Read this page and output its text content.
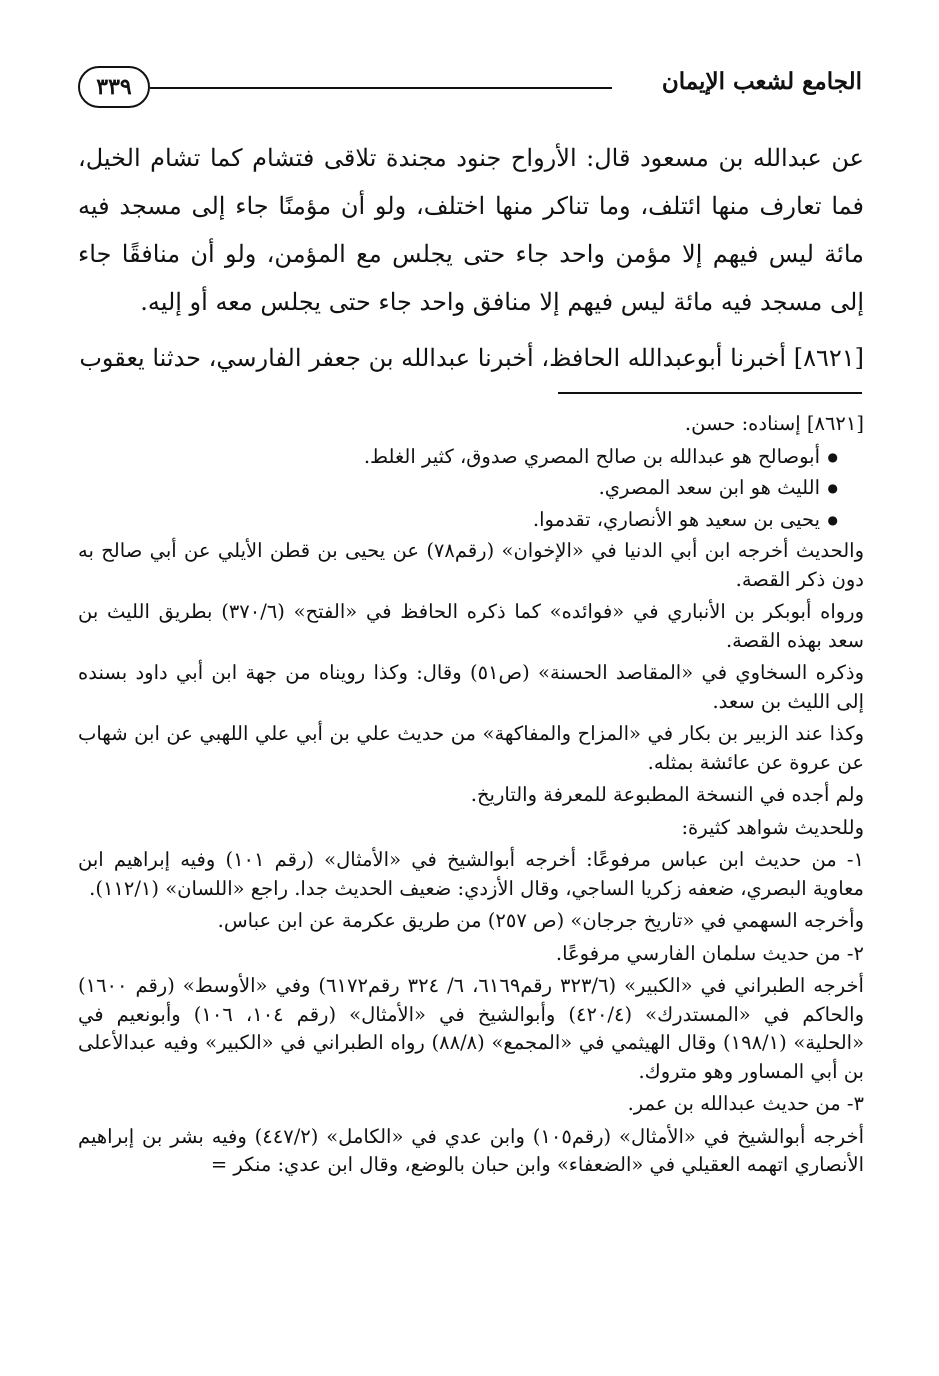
٣٣٩	الجامع لشعب الإيمان

عن عبدالله بن مسعود قال: الأرواح جنود مجندة تلاقى فتشام كما تشام الخيل، فما تعارف منها ائتلف، وما تناكر منها اختلف، ولو أن مؤمنًا جاء إلى مسجد فيه مائة ليس فيهم إلا مؤمن واحد جاء حتى يجلس مع المؤمن، ولو أن منافقًا جاء إلى مسجد فيه مائة ليس فيهم إلا منافق واحد جاء حتى يجلس معه أو إليه.

[٨٦٢١] أخبرنا أبوعبدالله الحافظ، أخبرنا عبدالله بن جعفر الفارسي، حدثنا يعقوب

[٨٦٢١] إسناده: حسن.

● أبوصالح هو عبدالله بن صالح المصري صدوق، كثير الغلط.

● الليث هو ابن سعد المصري.

● يحيى بن سعيد هو الأنصاري، تقدموا.

والحديث أخرجه ابن أبي الدنيا في «الإخوان» (رقم٧٨) عن يحيى بن قطن الأيلي عن أبي صالح به دون ذكر القصة.

ورواه أبوبكر بن الأنباري في «فوائده» كما ذكره الحافظ في «الفتح» (٣٧٠/٦) بطريق الليث بن سعد بهذه القصة.

وذكره السخاوي في «المقاصد الحسنة» (ص٥١) وقال: وكذا رويناه من جهة ابن أبي داود بسنده إلى الليث بن سعد.

وكذا عند الزبير بن بكار في «المزاح والمفاكهة» من حديث علي بن أبي علي اللهبي عن ابن شهاب عن عروة عن عائشة بمثله.

ولم أجده في النسخة المطبوعة للمعرفة والتاريخ.

وللحديث شواهد كثيرة:

١- من حديث ابن عباس مرفوعًا: أخرجه أبوالشيخ في «الأمثال» (رقم ١٠١) وفيه إبراهيم ابن معاوية البصري، ضعفه زكريا الساجي، وقال الأزدي: ضعيف الحديث جدا. راجع «اللسان» (١١٢/١).

وأخرجه السهمي في «تاريخ جرجان» (ص ٢٥٧) من طريق عكرمة عن ابن عباس.

٢- من حديث سلمان الفارسي مرفوعًا.

أخرجه الطبراني في «الكبير» (٣٢٣/٦ رقم٦١٦٩، ٦/ ٣٢٤ رقم٦١٧٢) وفي «الأوسط» (رقم ١٦٠٠) والحاكم في «المستدرك» (٤٢٠/٤) وأبوالشيخ في «الأمثال» (رقم ١٠٤، ١٠٦) وأبونعيم في «الحلية» (١٩٨/١) وقال الهيثمي في «المجمع» (٨٨/٨) رواه الطبراني في «الكبير» وفيه عبدالأعلى بن أبي المساور وهو متروك.

٣- من حديث عبدالله بن عمر.

أخرجه أبوالشيخ في «الأمثال» (رقم١٠٥) وابن عدي في «الكامل» (٤٤٧/٢) وفيه بشر بن إبراهيم الأنصاري اتهمه العقيلي في «الضعفاء» وابن حبان بالوضع، وقال ابن عدي: منكر =
